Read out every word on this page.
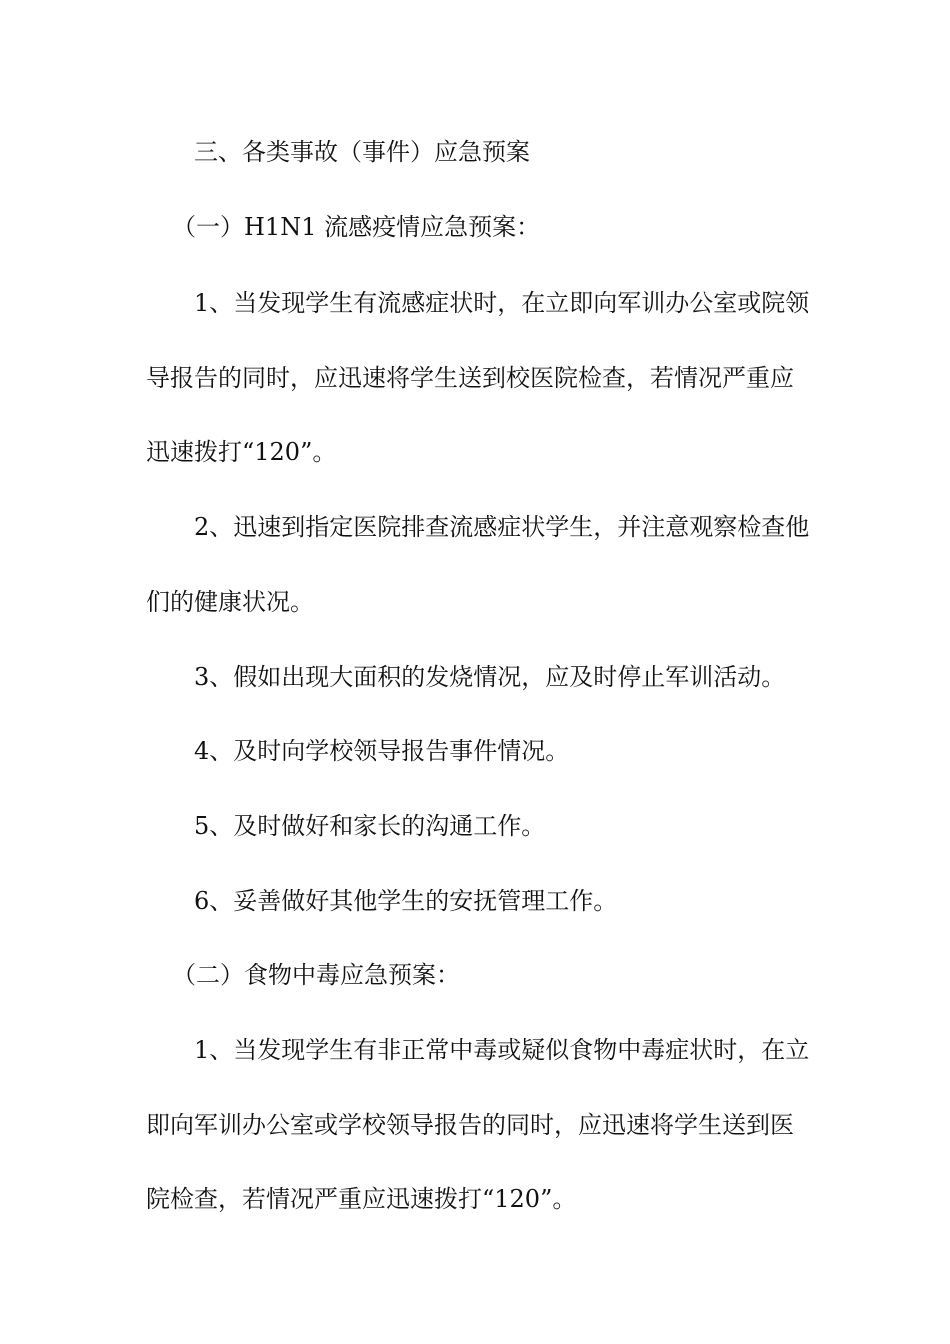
三、各类事故（事件）应急预案
（一）H1N1 流感疫情应急预案：
1、当发现学生有流感症状时，在立即向军训办公室或院领
导报告的同时，应迅速将学生送到校医院检查，若情况严重应
迅速拨打“120”。
2、迅速到指定医院排查流感症状学生，并注意观察检查他
们的健康状况。
3、假如出现大面积的发烧情况，应及时停止军训活动。
4、及时向学校领导报告事件情况。
5、及时做好和家长的沟通工作。
6、妥善做好其他学生的安抚管理工作。
（二）食物中毒应急预案：
1、当发现学生有非正常中毒或疑似食物中毒症状时，在立
即向军训办公室或学校领导报告的同时，应迅速将学生送到医
院检查，若情况严重应迅速拨打“120”。
